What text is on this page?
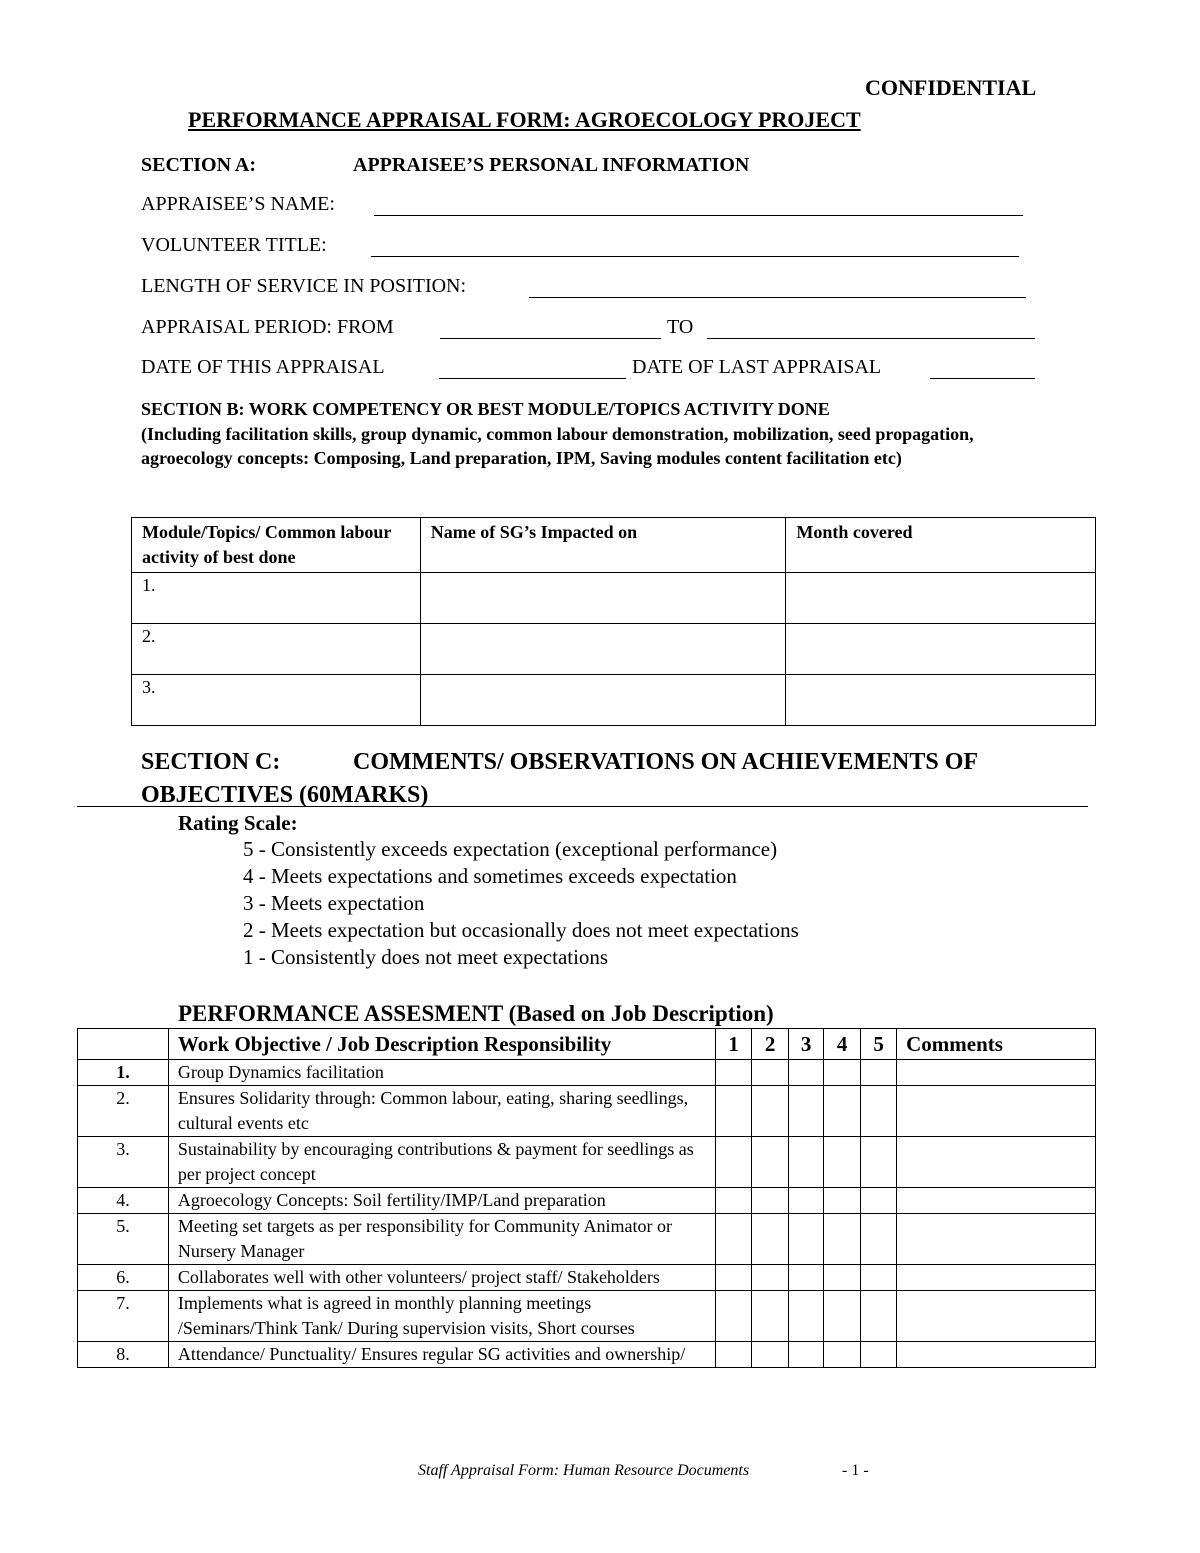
CONFIDENTIAL
PERFORMANCE APPRAISAL FORM: AGROECOLOGY PROJECT
SECTION A:	APPRAISEE’S PERSONAL INFORMATION
APPRAISEE’S NAME:
VOLUNTEER TITLE:
LENGTH OF SERVICE IN POSITION:
APPRAISAL PERIOD: FROM	TO
DATE OF THIS APPRAISAL	DATE OF LAST APPRAISAL
SECTION B: WORK COMPETENCY OR BEST MODULE/TOPICS ACTIVITY DONE
(Including facilitation skills, group dynamic, common labour demonstration, mobilization, seed propagation, agroecology concepts: Composing, Land preparation, IPM, Saving modules content facilitation etc)
Module/Topics/ Common labour activity of best done	Name of SG’s Impacted on	Month covered
1.		
2.		
3.		
SECTION C:	COMMENTS/ OBSERVATIONS ON ACHIEVEMENTS OF
OBJECTIVES (60MARKS)
Rating Scale:
5 - Consistently exceeds expectation (exceptional performance)
4 - Meets expectations and sometimes exceeds expectation
3 - Meets expectation
2 - Meets expectation but occasionally does not meet expectations
1 - Consistently does not meet expectations
PERFORMANCE ASSESMENT (Based on Job Description)
	Work Objective / Job Description Responsibility	1	2	3	4	5	Comments
1.	Group Dynamics facilitation						
2.	Ensures Solidarity through: Common labour, eating, sharing seedlings, cultural events etc						
3.	Sustainability by encouraging contributions & payment for seedlings as per project concept						
4.	Agroecology Concepts: Soil fertility/IMP/Land preparation						
5.	Meeting set targets as per responsibility for Community Animator or Nursery Manager						
6.	Collaborates well with other volunteers/ project staff/ Stakeholders						
7.	Implements what is agreed in monthly planning meetings /Seminars/Think Tank/ During supervision visits, Short courses						
8.	Attendance/ Punctuality/ Ensures regular SG activities and ownership/						
Staff Appraisal Form: Human Resource Documents	- 1 -
